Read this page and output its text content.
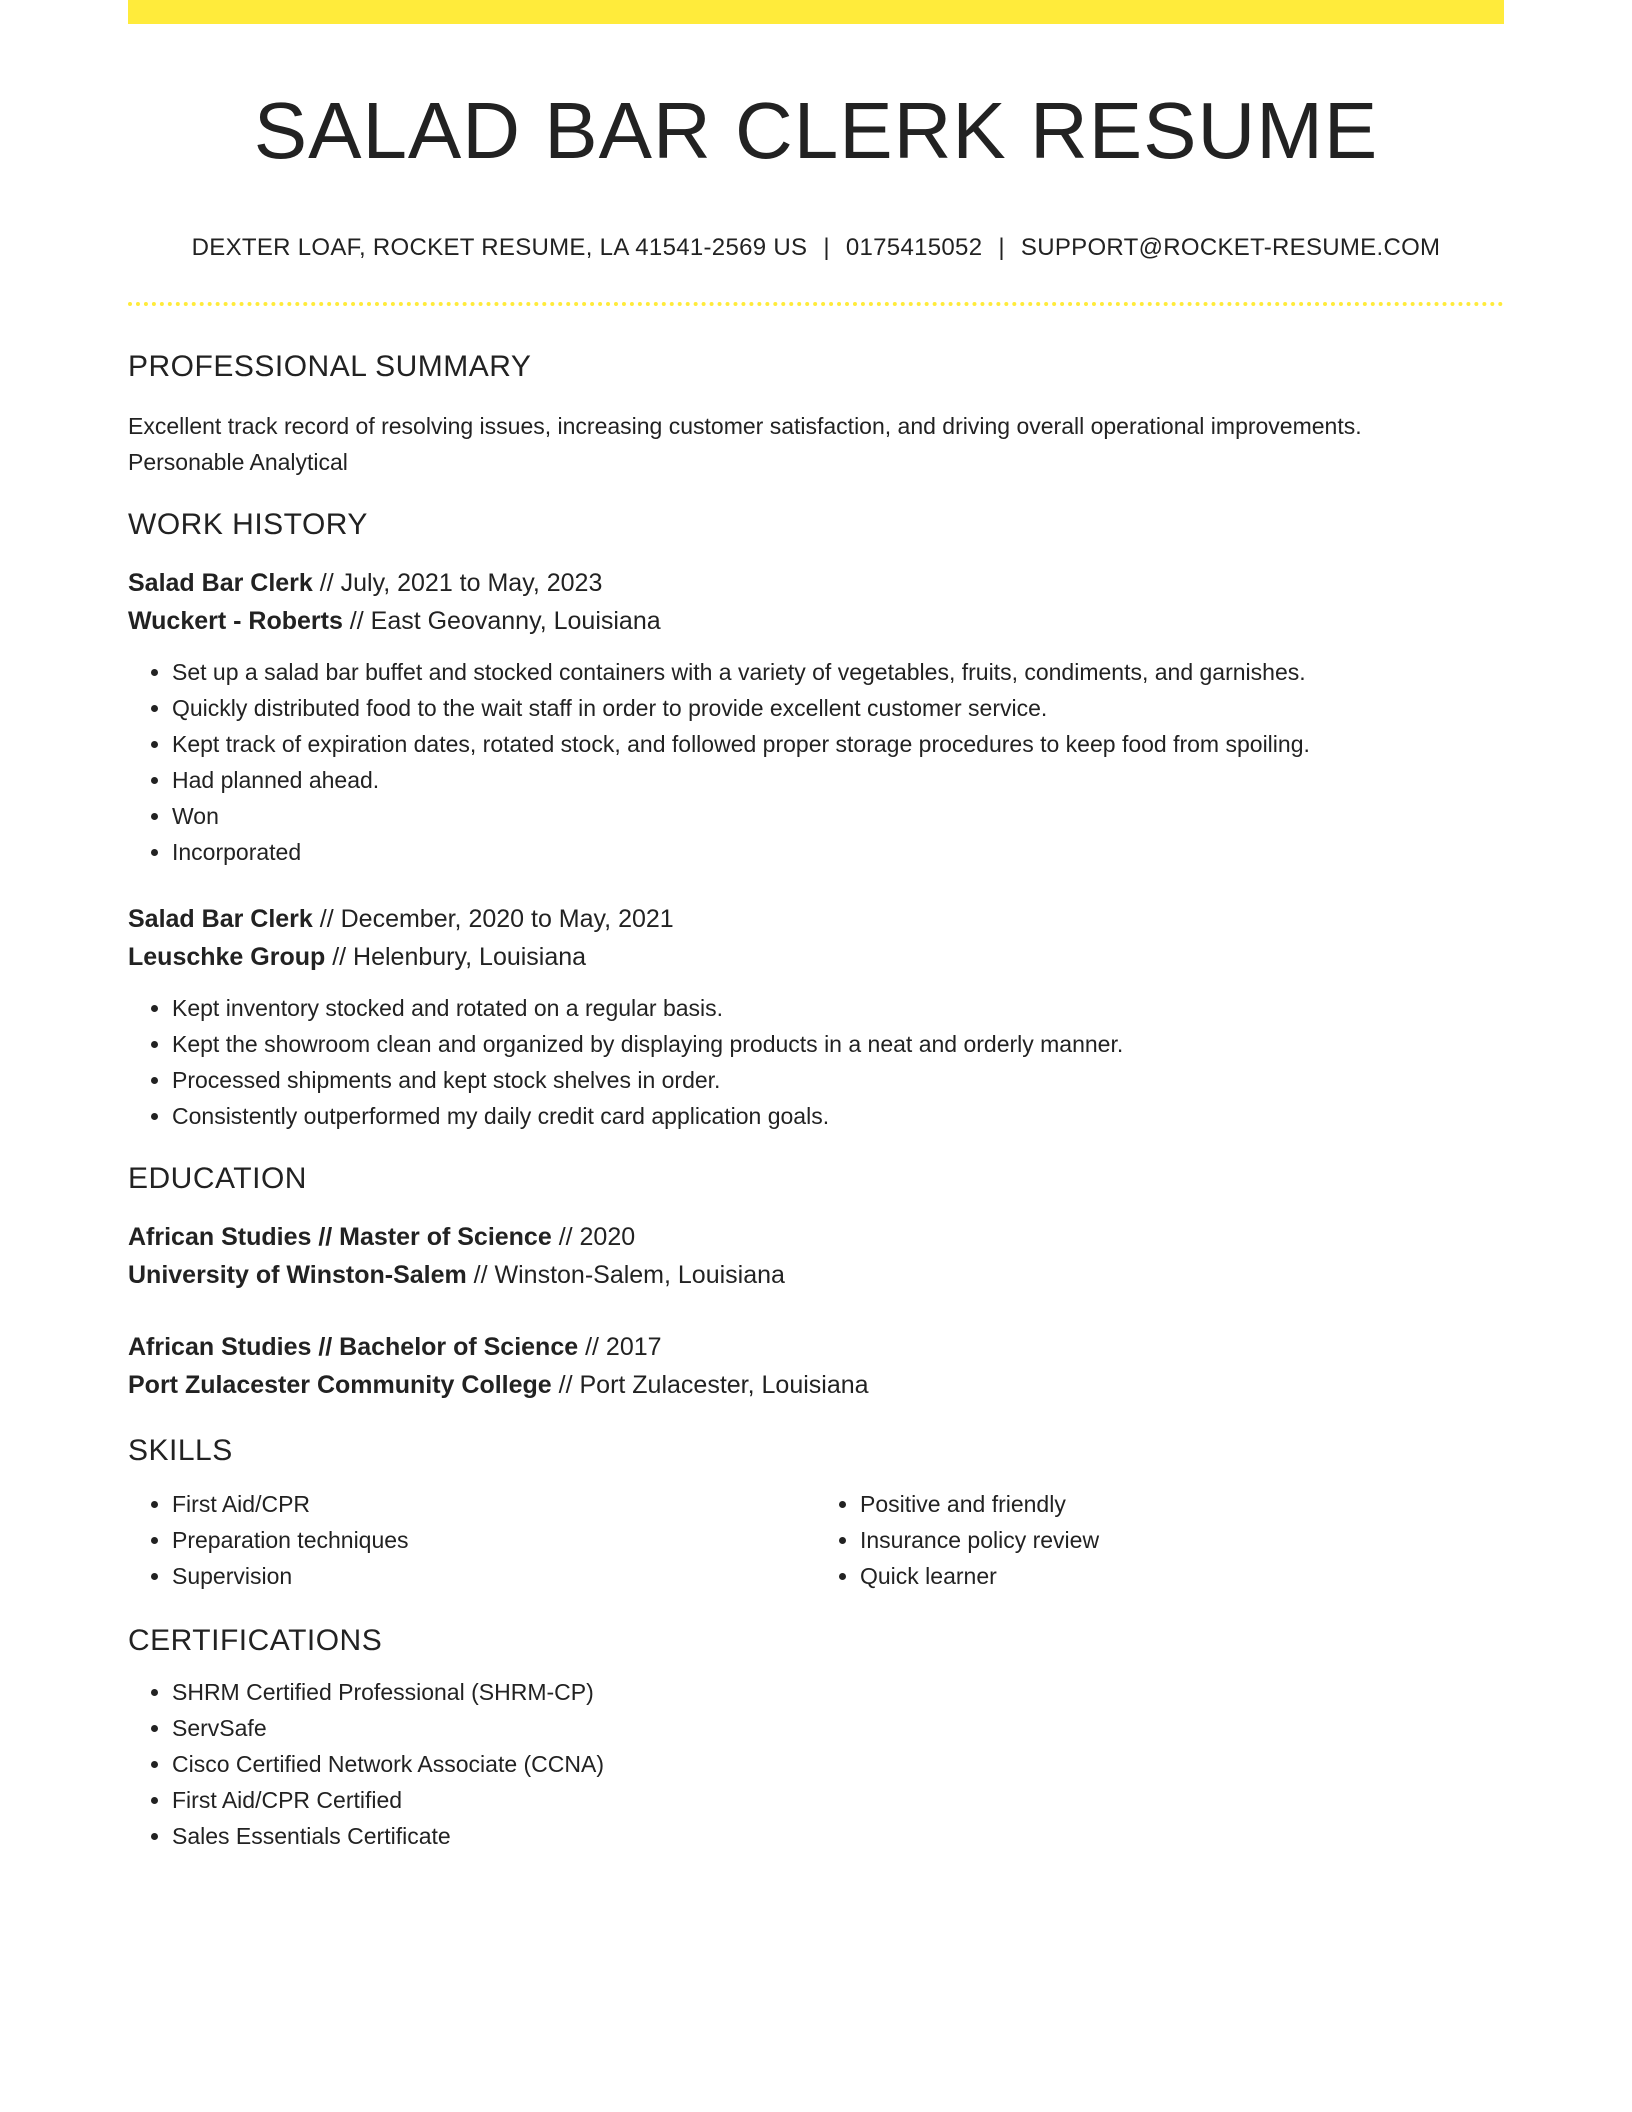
SALAD BAR CLERK RESUME
DEXTER LOAF, ROCKET RESUME, LA 41541-2569 US | 0175415052 | SUPPORT@ROCKET-RESUME.COM
PROFESSIONAL SUMMARY
Excellent track record of resolving issues, increasing customer satisfaction, and driving overall operational improvements.
Personable Analytical
WORK HISTORY
Salad Bar Clerk // July, 2021 to May, 2023
Wuckert - Roberts // East Geovanny, Louisiana
• Set up a salad bar buffet and stocked containers with a variety of vegetables, fruits, condiments, and garnishes.
• Quickly distributed food to the wait staff in order to provide excellent customer service.
• Kept track of expiration dates, rotated stock, and followed proper storage procedures to keep food from spoiling.
• Had planned ahead.
• Won
• Incorporated
Salad Bar Clerk // December, 2020 to May, 2021
Leuschke Group // Helenbury, Louisiana
• Kept inventory stocked and rotated on a regular basis.
• Kept the showroom clean and organized by displaying products in a neat and orderly manner.
• Processed shipments and kept stock shelves in order.
• Consistently outperformed my daily credit card application goals.
EDUCATION
African Studies // Master of Science // 2020
University of Winston-Salem // Winston-Salem, Louisiana
African Studies // Bachelor of Science // 2017
Port Zulacester Community College // Port Zulacester, Louisiana
SKILLS
• First Aid/CPR
• Preparation techniques
• Supervision
• Positive and friendly
• Insurance policy review
• Quick learner
CERTIFICATIONS
• SHRM Certified Professional (SHRM-CP)
• ServSafe
• Cisco Certified Network Associate (CCNA)
• First Aid/CPR Certified
• Sales Essentials Certificate
